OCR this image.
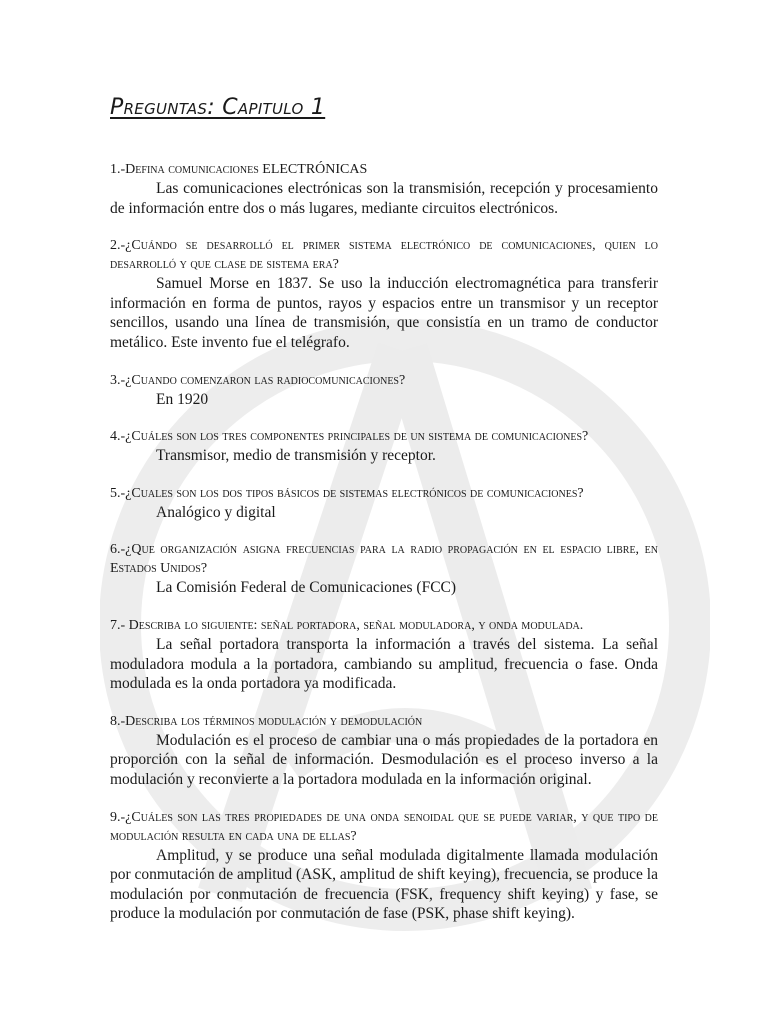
Preguntas: Capitulo 1

1.-Defina comunicaciones ELECTRÓNICAS

Las comunicaciones electrónicas son la transmisión, recepción y procesamiento de información entre dos o más lugares, mediante circuitos electrónicos.

2.-¿Cuándo se desarrolló el primer sistema electrónico de comunicaciones, quien lo desarrolló y que clase de sistema era?

Samuel Morse en 1837. Se uso la inducción electromagnética para transferir información en forma de puntos, rayos y espacios entre un transmisor y un receptor sencillos, usando una línea de transmisión, que consistía en un tramo de conductor metálico. Este invento fue el telégrafo.

3.-¿Cuando comenzaron las radiocomunicaciones?

En 1920

4.-¿Cuáles son los tres componentes principales de un sistema de comunicaciones?

Transmisor, medio de transmisión y receptor.

5.-¿Cuales son los dos tipos básicos de sistemas electrónicos de comunicaciones?

Analógico y digital

6.-¿Que organización asigna frecuencias para la radio propagación en el espacio libre, en Estados Unidos?

La Comisión Federal de Comunicaciones (FCC)

7.- Describa lo siguiente: señal portadora, señal moduladora, y onda modulada.

La señal portadora transporta la información a través del sistema. La señal moduladora modula a la portadora, cambiando su amplitud, frecuencia o fase. Onda modulada es la onda portadora ya modificada.

8.-Describa los términos modulación y demodulación

Modulación es el proceso de cambiar una o más propiedades de la portadora en proporción con la señal de información. Desmodulación es el proceso inverso a la modulación y reconvierte a la portadora modulada en la información original.

9.-¿Cuáles son las tres propiedades de una onda senoidal que se puede variar, y que tipo de modulación resulta en cada una de ellas?

Amplitud, y se produce una señal modulada digitalmente llamada modulación por conmutación de amplitud (ASK, amplitud de shift keying), frecuencia, se produce la modulación por conmutación de frecuencia (FSK, frequency shift keying) y fase, se produce la modulación por conmutación de fase (PSK, phase shift keying).
